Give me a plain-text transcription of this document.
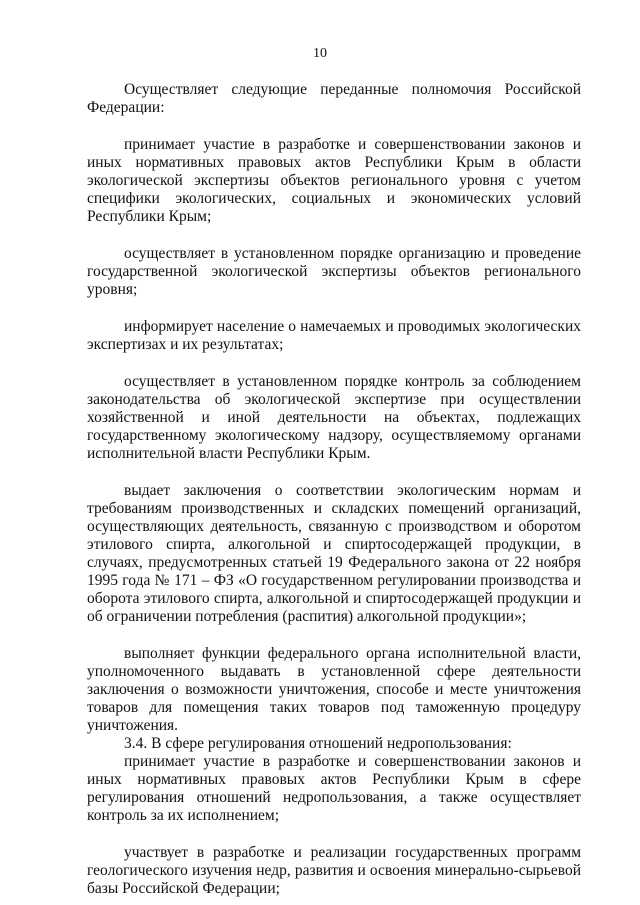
10

Осуществляет следующие переданные полномочия Российской Федерации:

принимает участие в разработке и совершенствовании законов и иных нормативных правовых актов Республики Крым в области экологической экспертизы объектов регионального уровня с учетом специфики экологических, социальных и экономических условий Республики Крым;

осуществляет в установленном порядке организацию и проведение государственной экологической экспертизы объектов регионального уровня;

информирует население о намечаемых и проводимых экологических экспертизах и их результатах;

осуществляет в установленном порядке контроль за соблюдением законодательства об экологической экспертизе при осуществлении хозяйственной и иной деятельности на объектах, подлежащих государственному экологическому надзору, осуществляемому органами исполнительной власти Республики Крым.

выдает заключения о соответствии экологическим нормам и требованиям производственных и складских помещений организаций, осуществляющих деятельность, связанную с производством и оборотом этилового спирта, алкогольной и спиртосодержащей продукции, в случаях, предусмотренных статьей 19 Федерального закона от 22 ноября 1995 года № 171 – ФЗ «О государственном регулировании производства и оборота этилового спирта, алкогольной и спиртосодержащей продукции и об ограничении потребления (распития) алкогольной продукции»;

выполняет функции федерального органа исполнительной власти, уполномоченного выдавать в установленной сфере деятельности заключения о возможности уничтожения, способе и месте уничтожения товаров для помещения таких товаров под таможенную процедуру уничтожения.

3.4. В сфере регулирования отношений недропользования:

принимает участие в разработке и совершенствовании законов и иных нормативных правовых актов Республики Крым в сфере регулирования отношений недропользования, а также осуществляет контроль за их исполнением;

участвует в разработке и реализации государственных программ геологического изучения недр, развития и освоения минерально-сырьевой базы Российской Федерации;
